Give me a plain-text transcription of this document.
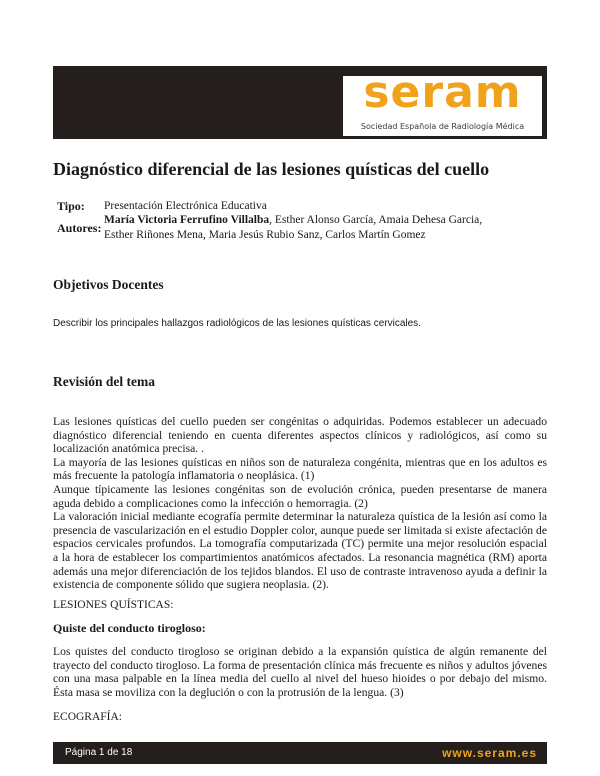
seram
Sociedad Española de Radiología Médica
Diagnóstico diferencial de las lesiones quísticas del cuello
Tipo: Presentación Electrónica Educativa
Autores:
María Victoria Ferrufino Villalba, Esther Alonso García, Amaia Dehesa Garcia,
Esther Riñones Mena, Maria Jesús Rubio Sanz, Carlos Martín Gomez
Objetivos Docentes
Describir los principales hallazgos radiológicos de las lesiones quísticas cervicales.
Revisión del tema

Las lesiones quísticas del cuello pueden ser congénitas o adquiridas. Podemos establecer un adecuado diagnóstico diferencial teniendo en cuenta diferentes aspectos clínicos y radiológicos, así como su localización anatómica precisa. .

La mayoría de las lesiones quísticas en niños son de naturaleza congénita, mientras que en los adultos es más frecuente la patología inflamatoria o neoplásica. (1)

Aunque típicamente las lesiones congénitas son de evolución crónica, pueden presentarse de manera aguda debido a complicaciones como la infección o hemorragia. (2)

La valoración inicial mediante ecografía permite determinar la naturaleza quística de la lesión así como la presencia de vascularización en el estudio Doppler color, aunque puede ser limitada si existe afectación de espacios cervicales profundos. La tomografía computarizada (TC) permite una mejor resolución espacial a la hora de establecer los compartimientos anatómicos afectados. La resonancia magnética (RM) aporta además una mejor diferenciación de los tejidos blandos. El uso de contraste intravenoso ayuda a definir la existencia de componente sólido que sugiera neoplasia. (2).

LESIONES QUÍSTICAS:
Quiste del conducto tirogloso:

Los quistes del conducto tirogloso se originan debido a la expansión quística de algún remanente del trayecto del conducto tirogloso. La forma de presentación clínica más frecuente es niños y adultos jóvenes con una masa palpable en la línea media del cuello al nivel del hueso hioides o por debajo del mismo. Ésta masa se moviliza con la deglución o con la protrusión de la lengua. (3)

ECOGRAFÍA:
Página 1 de 18	www.seram.es
